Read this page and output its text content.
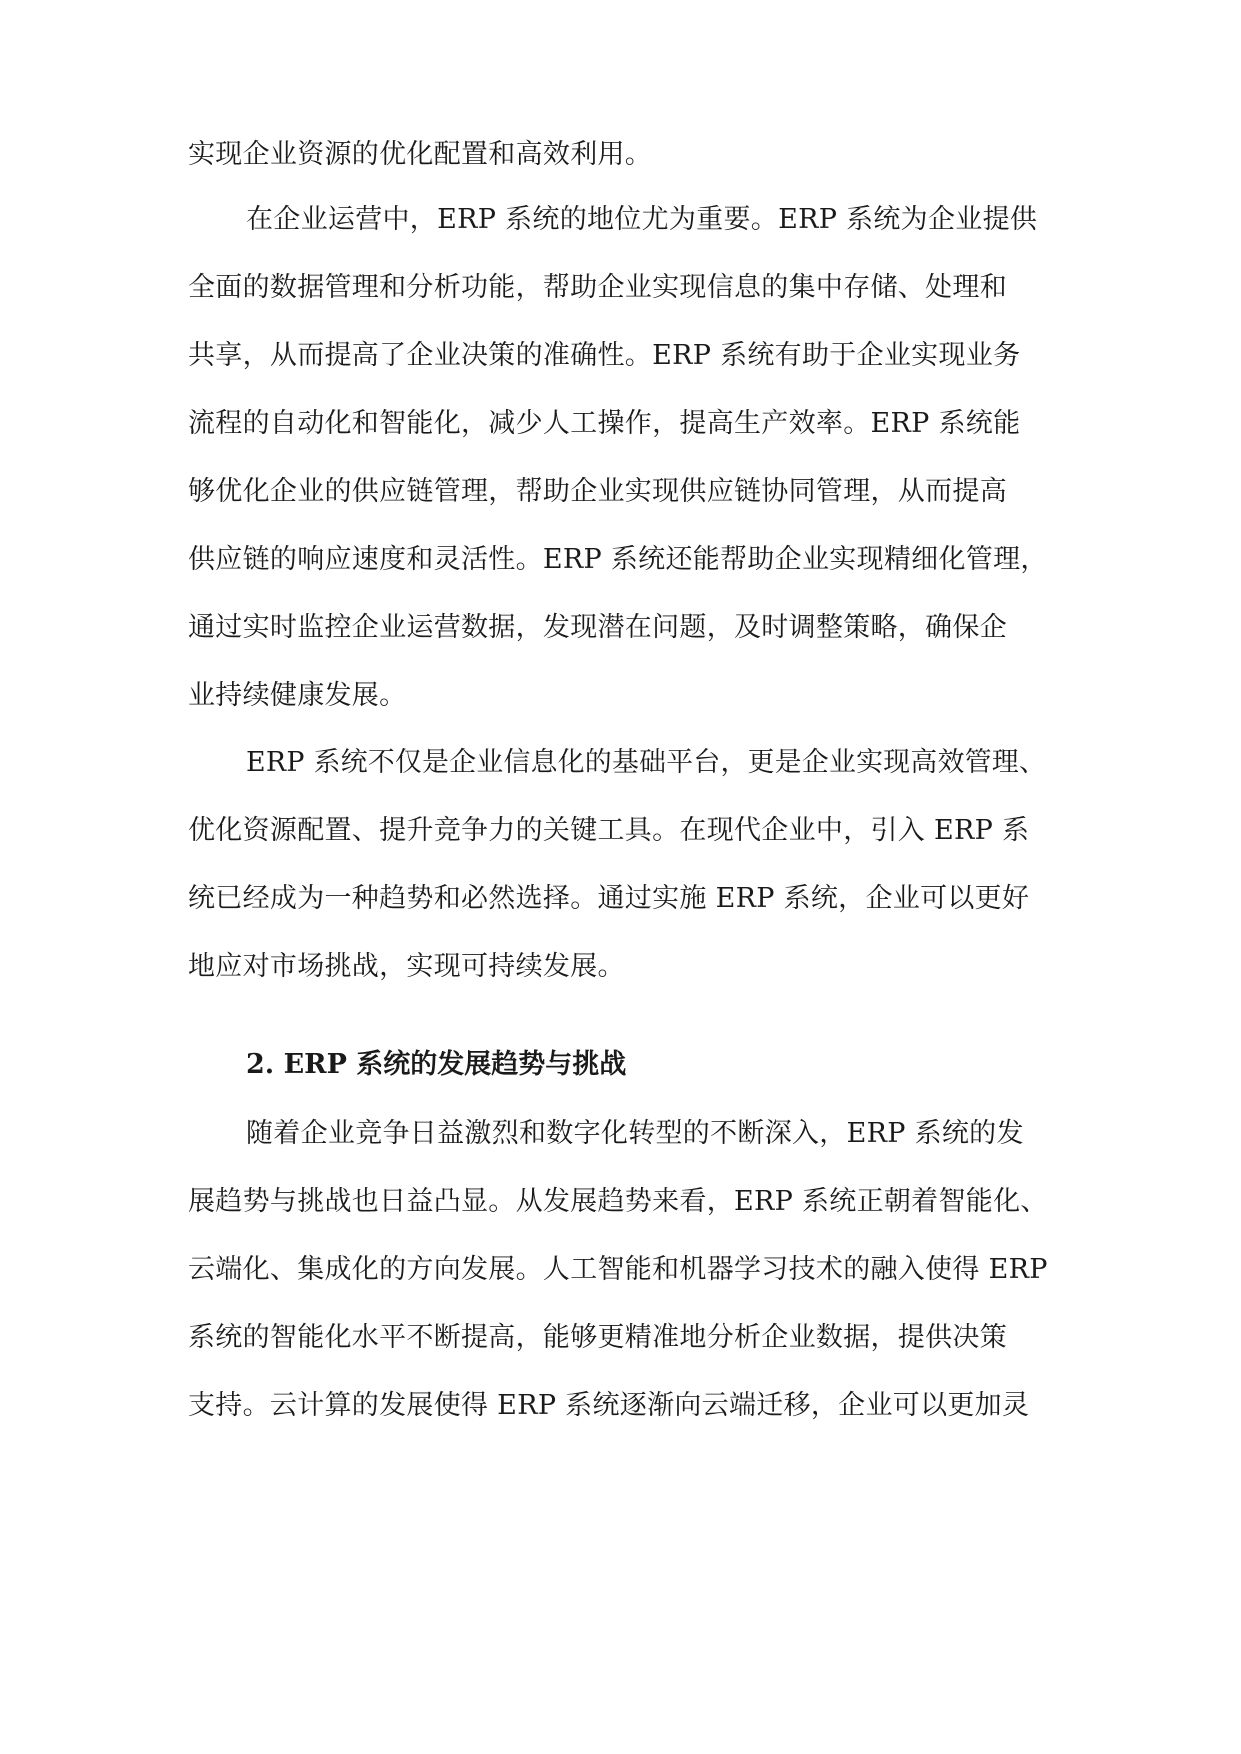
实现企业资源的优化配置和高效利用。
在企业运营中，ERP 系统的地位尤为重要。ERP 系统为企业提供
全面的数据管理和分析功能，帮助企业实现信息的集中存储、处理和
共享，从而提高了企业决策的准确性。ERP 系统有助于企业实现业务
流程的自动化和智能化，减少人工操作，提高生产效率。ERP 系统能
够优化企业的供应链管理，帮助企业实现供应链协同管理，从而提高
供应链的响应速度和灵活性。ERP 系统还能帮助企业实现精细化管理，
通过实时监控企业运营数据，发现潜在问题，及时调整策略，确保企
业持续健康发展。
ERP 系统不仅是企业信息化的基础平台，更是企业实现高效管理、
优化资源配置、提升竞争力的关键工具。在现代企业中，引入 ERP 系
统已经成为一种趋势和必然选择。通过实施 ERP 系统，企业可以更好
地应对市场挑战，实现可持续发展。
2. ERP 系统的发展趋势与挑战
随着企业竞争日益激烈和数字化转型的不断深入，ERP 系统的发
展趋势与挑战也日益凸显。从发展趋势来看，ERP 系统正朝着智能化、
云端化、集成化的方向发展。人工智能和机器学习技术的融入使得 ERP
系统的智能化水平不断提高，能够更精准地分析企业数据，提供决策
支持。云计算的发展使得 ERP 系统逐渐向云端迁移，企业可以更加灵
